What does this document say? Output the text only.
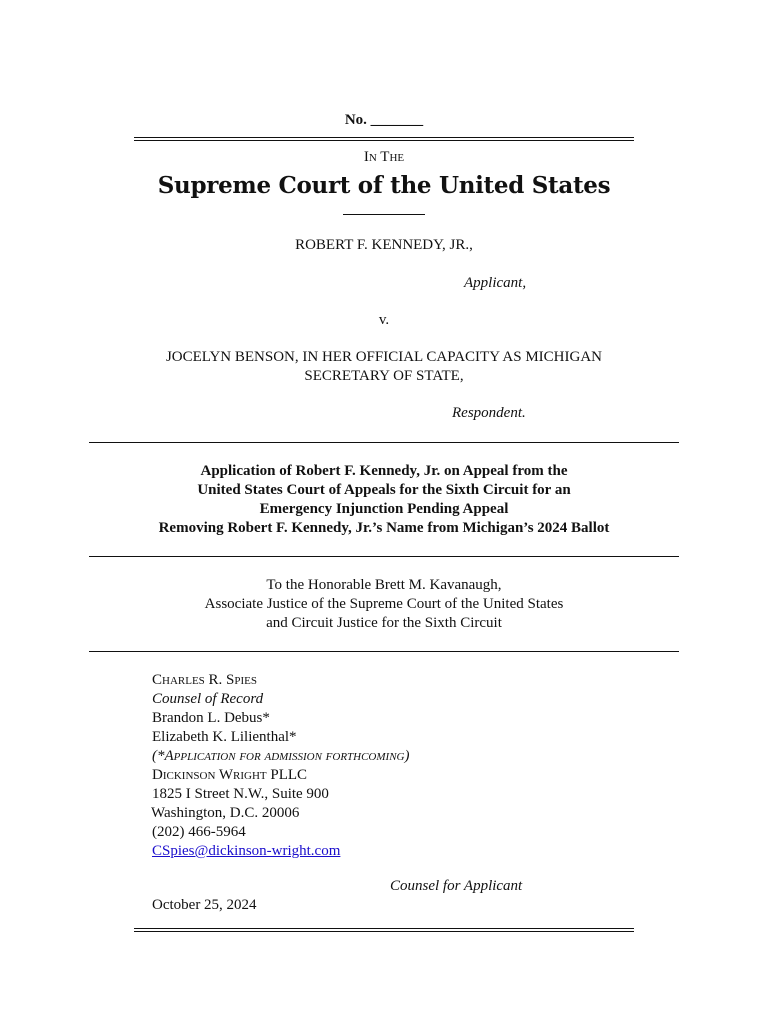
No. _______
In The
Supreme Court of the United States
ROBERT F. KENNEDY, JR.,
Applicant,
v.
JOCELYN BENSON, IN HER OFFICIAL CAPACITY AS MICHIGAN
SECRETARY OF STATE,
Respondent.
Application of Robert F. Kennedy, Jr. on Appeal from the
United States Court of Appeals for the Sixth Circuit for an
Emergency Injunction Pending Appeal
Removing Robert F. Kennedy, Jr.’s Name from Michigan’s 2024 Ballot
To the Honorable Brett M. Kavanaugh,
Associate Justice of the Supreme Court of the United States
and Circuit Justice for the Sixth Circuit
Charles R. Spies
Counsel of Record
Brandon L. Debus*
Elizabeth K. Lilienthal*
(*Application for admission forthcoming)
Dickinson Wright PLLC
1825 I Street N.W., Suite 900
Washington, D.C. 20006
(202) 466-5964
CSpies@dickinson-wright.com
Counsel for Applicant
October 25, 2024
